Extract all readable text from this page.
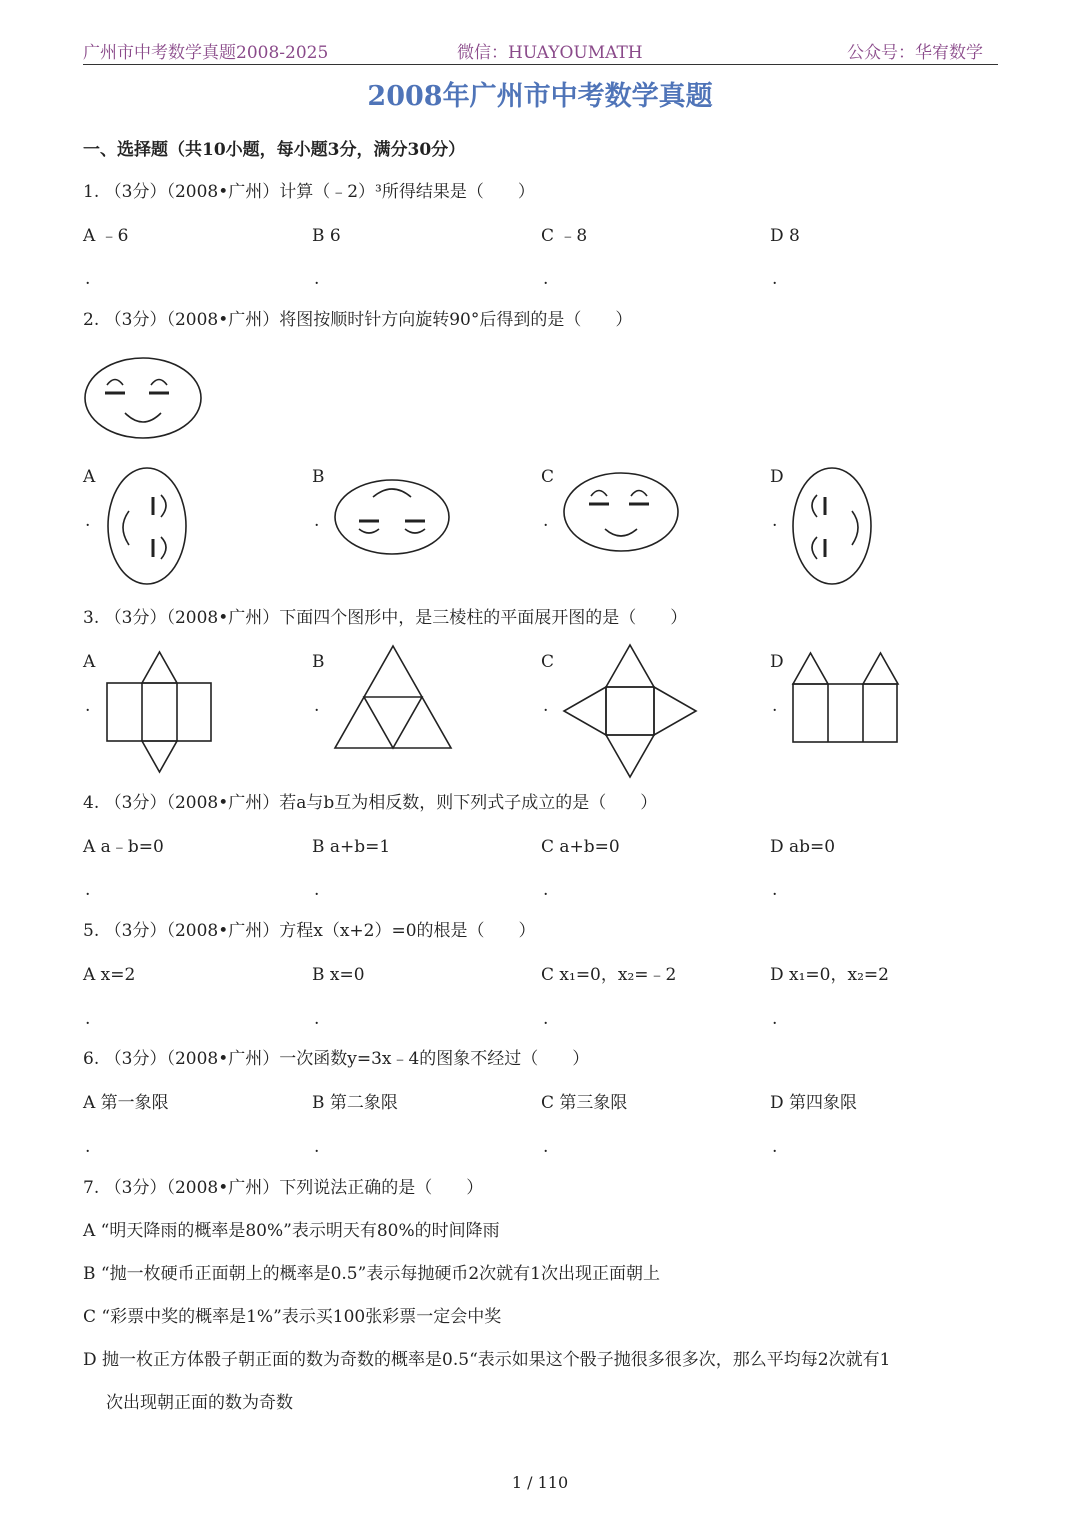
广州市中考数学真题2008-2025	微信：HUAYOUMATH	公众号：华宥数学
2008年广州市中考数学真题
一、选择题（共10小题，每小题3分，满分30分）
1. （3分）（2008•广州）计算（﹣2）³所得结果是（　　）
A ﹣6	B 6	C ﹣8	D 8
.	.	.	.
2. （3分）（2008•广州）将图按顺时针方向旋转90°后得到的是（　　）
A
.
B
.
C
.
D
.
3. （3分）（2008•广州）下面四个图形中，是三棱柱的平面展开图的是（　　）
A
.
B
.
C
.
D
.
4. （3分）（2008•广州）若a与b互为相反数，则下列式子成立的是（　　）
A a﹣b=0	B a+b=1	C a+b=0	D ab=0
.	.	.	.
5. （3分）（2008•广州）方程x（x+2）=0的根是（　　）
A x=2	B x=0	C x₁=0，x₂=﹣2	D x₁=0，x₂=2
.	.	.	.
6. （3分）（2008•广州）一次函数y=3x﹣4的图象不经过（　　）
A 第一象限	B 第二象限	C 第三象限	D 第四象限
.	.	.	.
7. （3分）（2008•广州）下列说法正确的是（　　）
A “明天降雨的概率是80%”表示明天有80%的时间降雨
B “抛一枚硬币正面朝上的概率是0.5”表示每抛硬币2次就有1次出现正面朝上
C “彩票中奖的概率是1%”表示买100张彩票一定会中奖
D 抛一枚正方体骰子朝正面的数为奇数的概率是0.5“表示如果这个骰子抛很多很多次，那么平均每2次就有1
次出现朝正面的数为奇数
1 / 110
